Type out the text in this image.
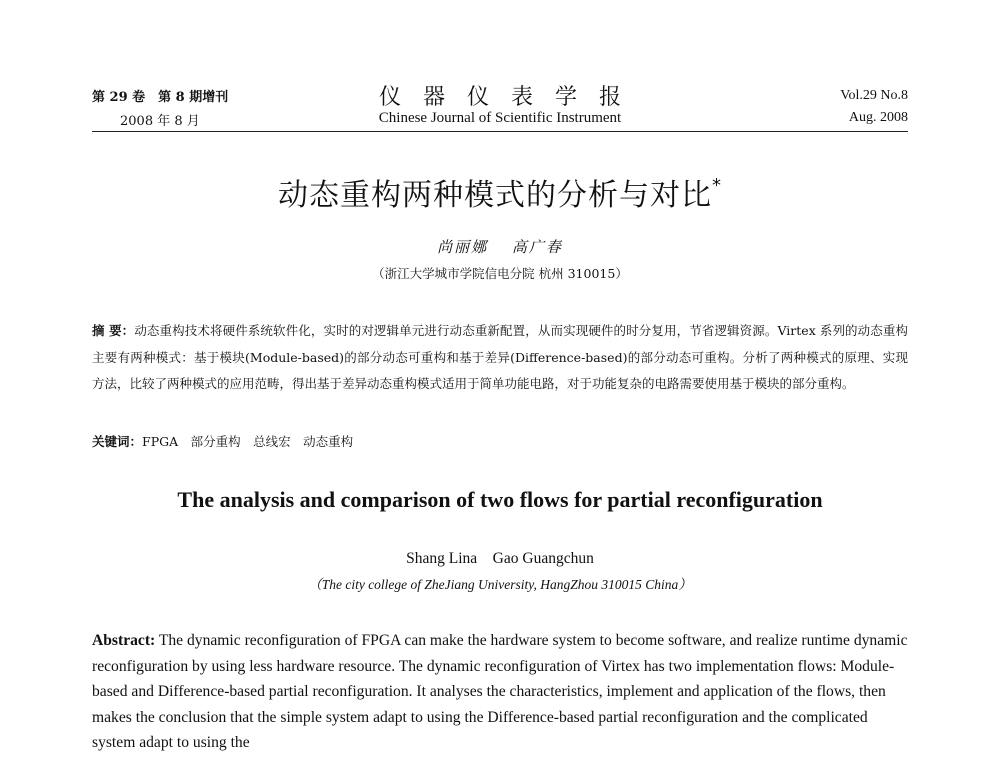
第 29 卷　第 8 期增刊
2008 年 8 月
仪器仪表学报
Chinese Journal of Scientific Instrument
Vol.29 No.8
Aug. 2008
动态重构两种模式的分析与对比*
尚丽娜　 高广春
（浙江大学城市学院信电分院 杭州 310015）
摘 要：动态重构技术将硬件系统软件化，实时的对逻辑单元进行动态重新配置，从而实现硬件的时分复用，节省逻辑资源。Virtex 系列的动态重构主要有两种模式：基于模块(Module-based)的部分动态可重构和基于差异(Difference-based)的部分动态可重构。分析了两种模式的原理、实现方法，比较了两种模式的应用范畴，得出基于差异动态重构模式适用于简单功能电路，对于功能复杂的电路需要使用基于模块的部分重构。
关键词：FPGA　部分重构　总线宏　动态重构
The analysis and comparison of two flows for partial reconfiguration
Shang Lina　Gao Guangchun
（The city college of ZheJiang University, HangZhou 310015 China）
Abstract: The dynamic reconfiguration of FPGA can make the hardware system to become software, and realize runtime dynamic reconfiguration by using less hardware resource. The dynamic reconfiguration of Virtex has two implementation flows: Module-based and Difference-based partial reconfiguration. It analyses the characteristics, implement and application of the flows, then makes the conclusion that the simple system adapt to using the Difference-based partial reconfiguration and the complicated system adapt to using the
